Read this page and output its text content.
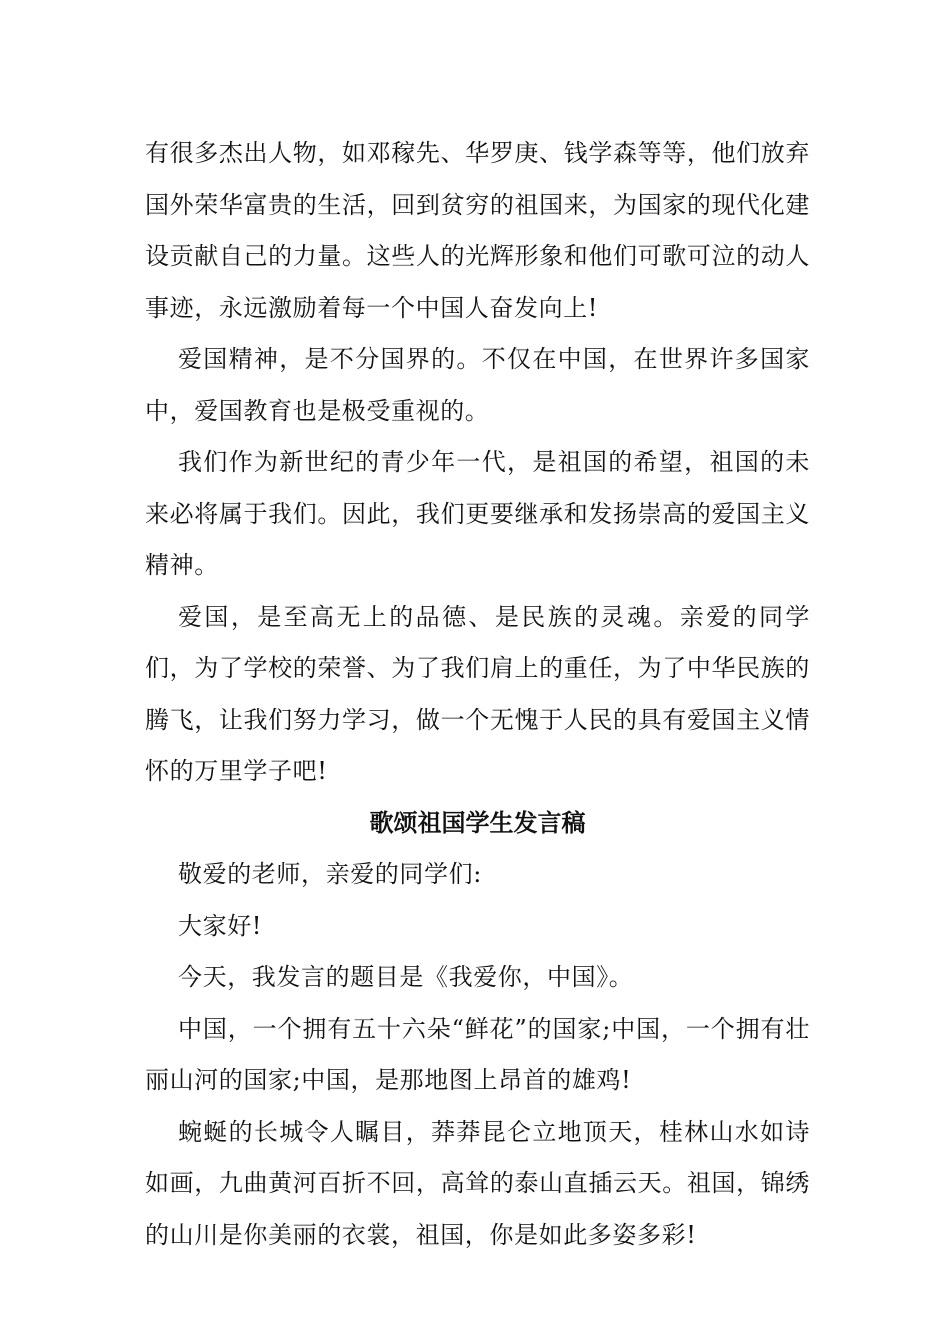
有很多杰出人物，如邓稼先、华罗庚、钱学森等等，他们放弃国外荣华富贵的生活，回到贫穷的祖国来，为国家的现代化建设贡献自己的力量。这些人的光辉形象和他们可歌可泣的动人事迹，永远激励着每一个中国人奋发向上!

爱国精神，是不分国界的。不仅在中国，在世界许多国家中，爱国教育也是极受重视的。

我们作为新世纪的青少年一代，是祖国的希望，祖国的未来必将属于我们。因此，我们更要继承和发扬崇高的爱国主义精神。

爱国，是至高无上的品德、是民族的灵魂。亲爱的同学们，为了学校的荣誉、为了我们肩上的重任，为了中华民族的腾飞，让我们努力学习，做一个无愧于人民的具有爱国主义情怀的万里学子吧!

歌颂祖国学生发言稿

敬爱的老师，亲爱的同学们:

大家好!

今天，我发言的题目是《我爱你，中国》。

中国，一个拥有五十六朵“鲜花”的国家;中国，一个拥有壮丽山河的国家;中国，是那地图上昂首的雄鸡!

蜿蜒的长城令人瞩目，莽莽昆仑立地顶天，桂林山水如诗如画，九曲黄河百折不回，高耸的泰山直插云天。祖国，锦绣的山川是你美丽的衣裳，祖国，你是如此多姿多彩!
